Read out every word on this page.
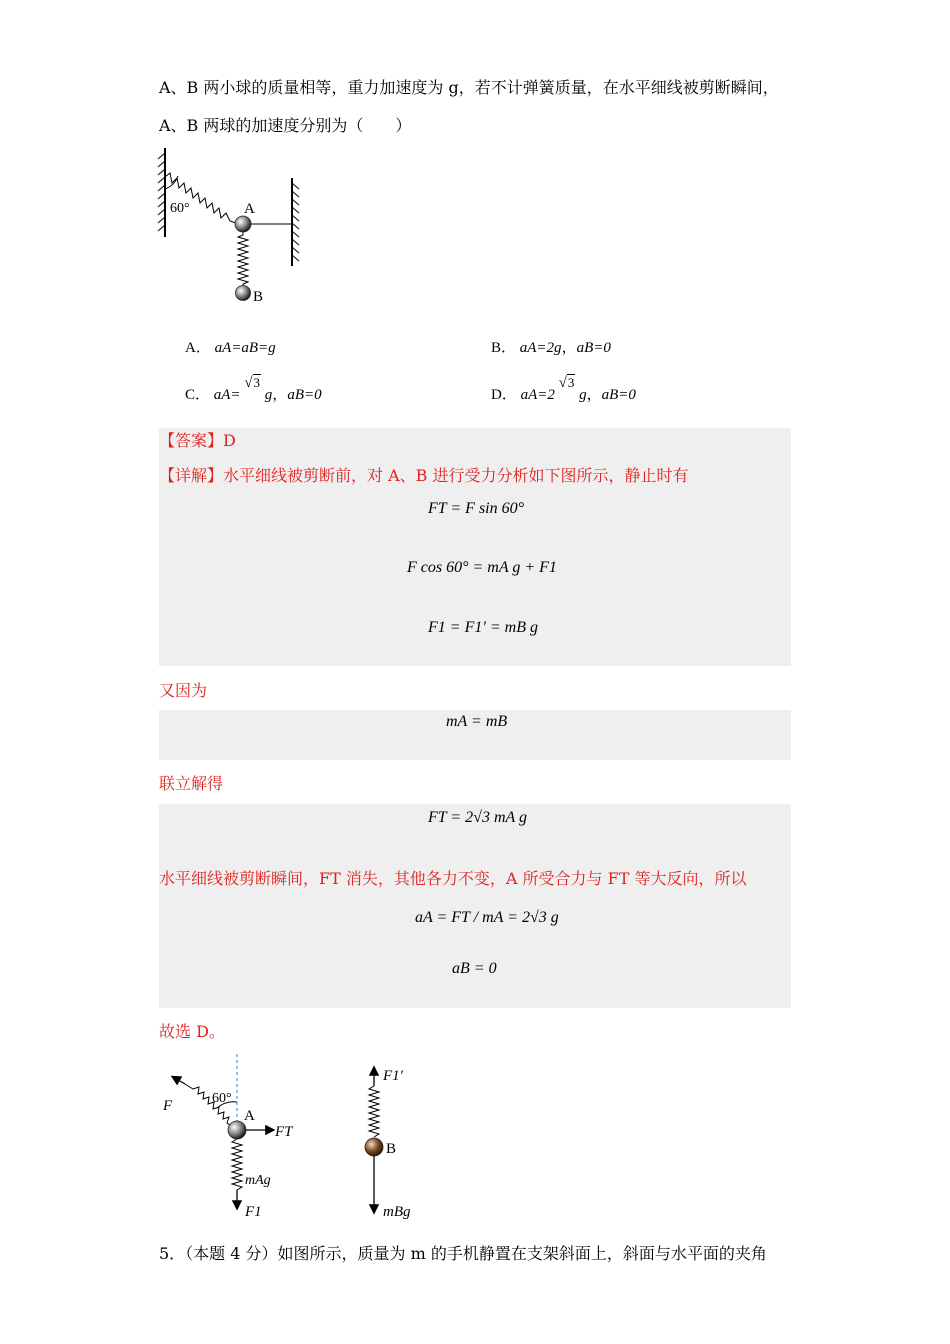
A、B 两小球的质量相等，重力加速度为 g，若不计弹簧质量，在水平细线被剪断瞬间，
A、B 两球的加速度分别为（　　）
60°	A
B
A． aA=aB=g	B． aA=2g，aB=0
C． aA= √3 g，aB=0	D． aA=2 √3 g，aB=0
【答案】D
【详解】水平细线被剪断前，对 A、B 进行受力分析如下图所示，静止时有
FT = F sin 60°
F cos 60° = mA g + F1
F1 = F1′ = mB g
又因为
mA = mB
联立解得
FT = 2√3 mA g
水平细线被剪断瞬间，FT 消失，其他各力不变，A 所受合力与 FT 等大反向，所以
aA = FT / mA = 2√3 g
aB = 0
故选 D。
60°
F
FT
mAg
F1
A
F1′
B
mBg
5．（本题 4 分）如图所示，质量为 m 的手机静置在支架斜面上，斜面与水平面的夹角
